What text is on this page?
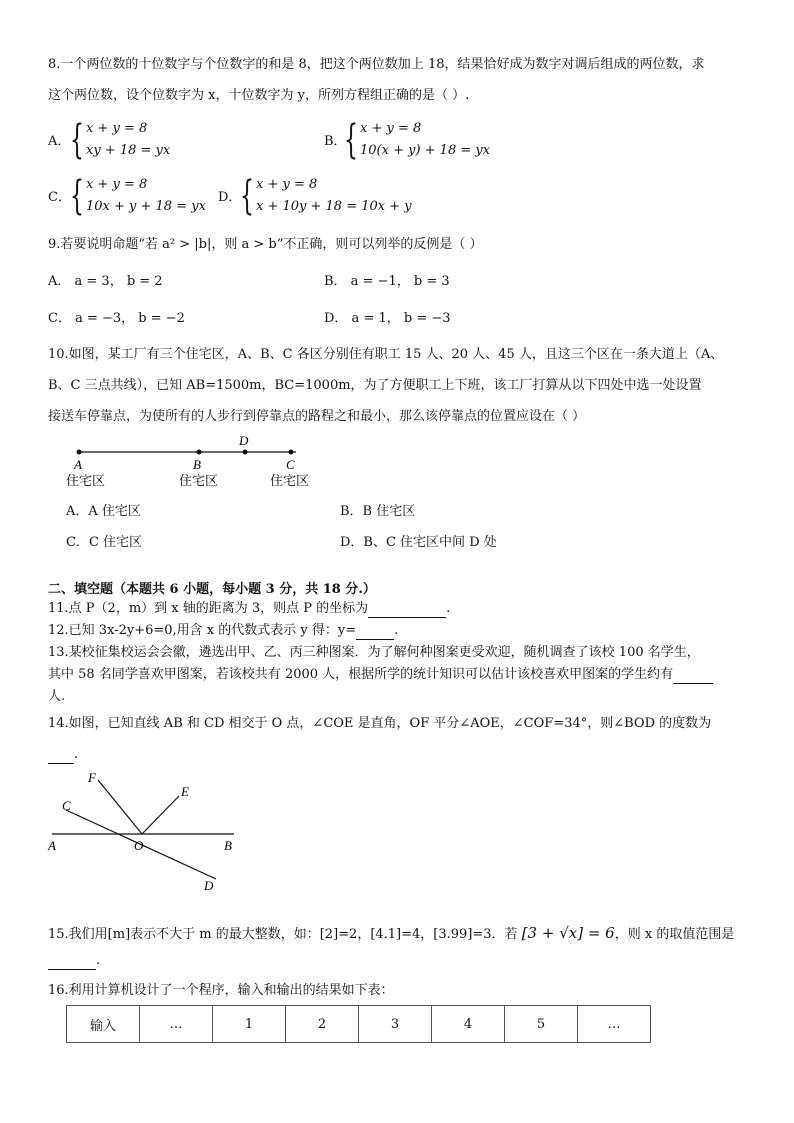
8.一个两位数的十位数字与个位数字的和是 8，把这个两位数加上 18，结果恰好成为数字对调后组成的两位数，求
这个两位数，设个位数字为 x，十位数字为 y，所列方程组正确的是（ ）.
A． { x + y = 8
xy + 18 = yx
B．
{ x + y = 8
10(x + y) + 18 = yx
C． { x + y = 8
10x + y + 18 = yx
D．
{ x + y = 8
x + 10y + 18 = 10x + y
9.若要说明命题“若 a² > |b|，则 a > b”不正确，则可以列举的反例是（ ）
A． a = 3， b = 2	B． a = −1， b = 3
C． a = −3， b = −2	D． a = 1， b = −3
10.如图，某工厂有三个住宅区，A、B、C 各区分别住有职工 15 人、20 人、45 人，且这三个区在一条大道上（A、
B、C 三点共线），已知 AB=1500m，BC=1000m，为了方便职工上下班，该工厂打算从以下四处中选一处设置
接送车停靠点，为使所有的人步行到停靠点的路程之和最小，那么该停靠点的位置应设在（ ）
A	B
D
C
住宅区	住宅区	住宅区
A．A 住宅区	B．B 住宅区
C．C 住宅区	D．B、C 住宅区中间 D 处
二、填空题（本题共 6 小题，每小题 3 分，共 18 分.）
11.点 P（2，m）到 x 轴的距离为 3，则点 P 的坐标为	.
12.已知 3x-2y+6=0,用含 x 的代数式表示 y 得：y=	.
13.某校征集校运会会徽，遴选出甲、乙、丙三种图案．为了解何种图案更受欢迎，随机调查了该校 100 名学生，
其中 58 名同学喜欢甲图案，若该校共有 2000 人，根据所学的统计知识可以估计该校喜欢甲图案的学生约有
人.
14.如图，已知直线 AB 和 CD 相交于 O 点，∠COE 是直角，OF 平分∠AOE，∠COF=34°，则∠BOD 的度数为
.
F
C
E
A	O	B
D
15.我们用[m]表示不大于 m 的最大整数，如：[2]=2，[4.1]=4，[3.99]=3．若 [3 + √x] = 6，则 x 的取值范围是
.
16.利用计算机设计了一个程序，输入和输出的结果如下表：
输入	…	1	2	3	4	5	…
